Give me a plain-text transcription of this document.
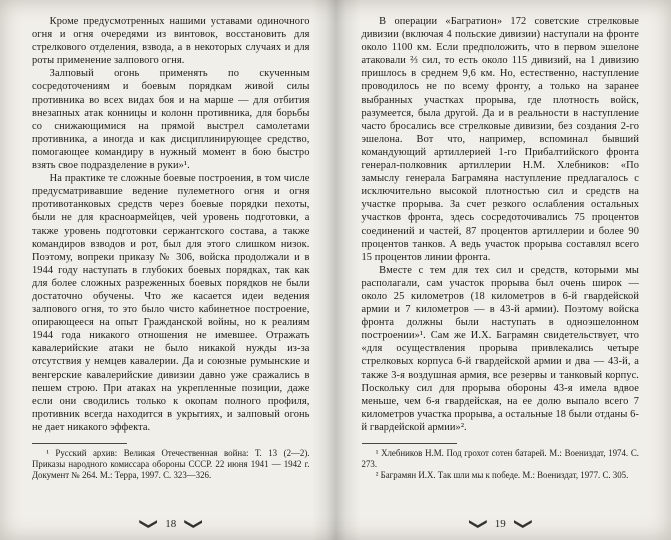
Кроме предусмотренных нашими уставами одиночного огня и огня очередями из винтовок, восстановить для стрелкового отделения, взвода, а в некоторых случаях и для роты применение залпового огня.

Залповый огонь применять по скученным сосредоточениям и боевым порядкам живой силы противника во всех видах боя и на марше — для отбития внезапных атак конницы и колонн противника, для борьбы со снижающимися на прямой выстрел самолетами противника, а иногда и как дисциплинирующее средство, помогающее командиру в нужный момент в бою быстро взять свое подразделение в руки»¹.

На практике те сложные боевые построения, в том числе предусматривавшие ведение пулеметного огня и огня противотанковых средств через боевые порядки пехоты, были не для красноармейцев, чей уровень подготовки, а также уровень подготовки сержантского состава, а также командиров взводов и рот, был для этого слишком низок. Поэтому, вопреки приказу № 306, войска продолжали и в 1944 году наступать в глубоких боевых порядках, так как для более сложных разреженных боевых порядков не были достаточно обучены. Что же касается идеи ведения залпового огня, то это было чисто кабинетное построение, опирающееся на опыт Гражданской войны, но к реалиям 1944 года никакого отношения не имевшее. Отражать кавалерийские атаки не было никакой нужды из-за отсутствия у немцев кавалерии. Да и союзные румынские и венгерские кавалерийские дивизии давно уже сражались в пешем строю. При атаках на укрепленные позиции, даже если они сводились только к окопам полного профиля, противник всегда находится в укрытиях, и залповый огонь не дает никакого эффекта.

¹ Русский архив: Великая Отечественная война: Т. 13 (2—2). Приказы народного комиссара обороны СССР. 22 июня 1941 — 1942 г. Документ № 264. М.: Терра, 1997. С. 323—326.

18

В операции «Багратион» 172 советские стрелковые дивизии (включая 4 польские дивизии) наступали на фронте около 1100 км. Если предположить, что в первом эшелоне атаковали ⅔ сил, то есть около 115 дивизий, на 1 дивизию пришлось в среднем 9,6 км. Но, естественно, наступление проводилось не по всему фронту, а только на заранее выбранных участках прорыва, где плотность войск, разумеется, была другой. Да и в реальности в наступление часто бросались все стрелковые дивизии, без создания 2-го эшелона. Вот что, например, вспоминал бывший командующий артиллерией 1-го Прибалтийского фронта генерал-полковник артиллерии Н.М. Хлебников: «По замыслу генерала Баграмяна наступление предлагалось с исключительно высокой плотностью сил и средств на участке прорыва. За счет резкого ослабления остальных участков фронта, здесь сосредоточивались 75 процентов соединений и частей, 87 процентов артиллерии и более 90 процентов танков. А ведь участок прорыва составлял всего 15 процентов линии фронта.

Вместе с тем для тех сил и средств, которыми мы располагали, сам участок прорыва был очень широк — около 25 километров (18 километров в 6-й гвардейской армии и 7 километров — в 43-й армии). Поэтому войска фронта должны были наступать в одноэшелонном построении»¹. Сам же И.Х. Баграмян свидетельствует, что «для осуществления прорыва привлекались четыре стрелковых корпуса 6-й гвардейской армии и два — 43-й, а также 3-я воздушная армия, все резервы и танковый корпус. Поскольку сил для прорыва обороны 43-я имела вдвое меньше, чем 6-я гвардейская, на ее долю выпало всего 7 километров участка прорыва, а остальные 18 были отданы 6-й гвардейской армии»².

¹ Хлебников Н.М. Под грохот сотен батарей. М.: Воениздат, 1974. С. 273.

² Баграмян И.Х. Так шли мы к победе. М.: Воениздат, 1977. С. 305.

19
